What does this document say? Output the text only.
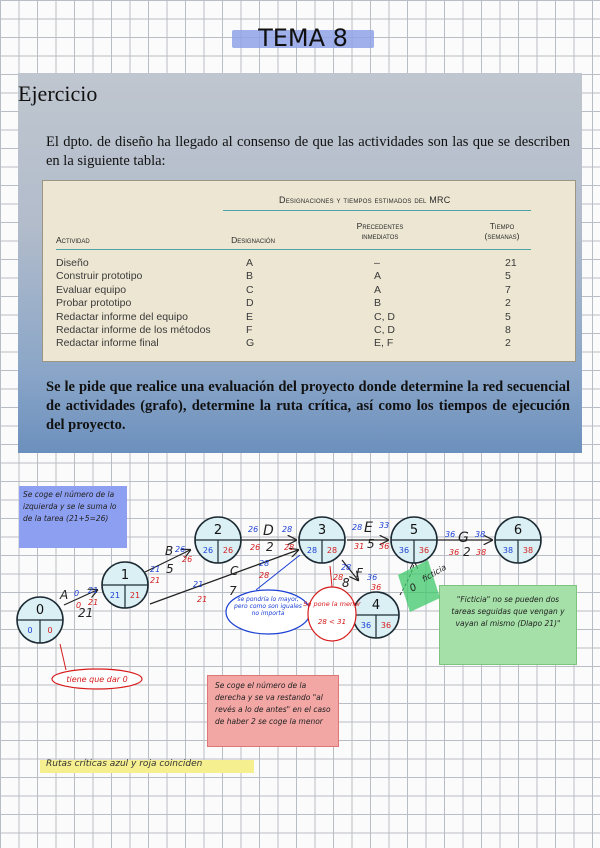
TEMA 8
Ejercicio
El dpto. de diseño ha llegado al consenso de que las actividades son las que se describen en la siguiente tabla:
Designaciones y tiempos estimados del MRC
Actividad	Designación
Precedentes
inmediatos
Tiempo
(semanas)
Diseño	A	–	21
Construir prototipo	B	A	5
Evaluar equipo	C	A	7
Probar prototipo	D	B	2
Redactar informe del equipo	E	C, D	5
Redactar informe de los métodos	F	C, D	8
Redactar informe final	G	E, F	2
Se le pide que realice una evaluación del proyecto donde determine la red secuencial de actividades (grafo), determine la ruta crítica, así como los tiempos de ejecución del proyecto.
Se coge el número de la izquierda y se le suma lo de la tarea (21+5=26)
"Ficticia" no se pueden dos tareas seguidas que vengan y vayan al mismo (Dlapo 21)"
Se coge el número de la derecha y se va restando "al revés a lo de antes" en el caso de haber 2 se coge la menor
0
ficticia
A
21
B
5	C
7
D
2
E
5
F
8
G
2
0 21
21
26
21
26
21
28
21
28
26	28
26	28
28 33
31 36
28
36
28
36
36 38
36 38
0 21
0
0 0
1
21 21
2
26 26
3
28 28
4
36 36
5
36 36
6
38 38
se pondría lo mayor, pero como son iguales no importa
Se pone la menor
28 < 31
tiene que dar 0
Rutas críticas azul y roja coinciden
